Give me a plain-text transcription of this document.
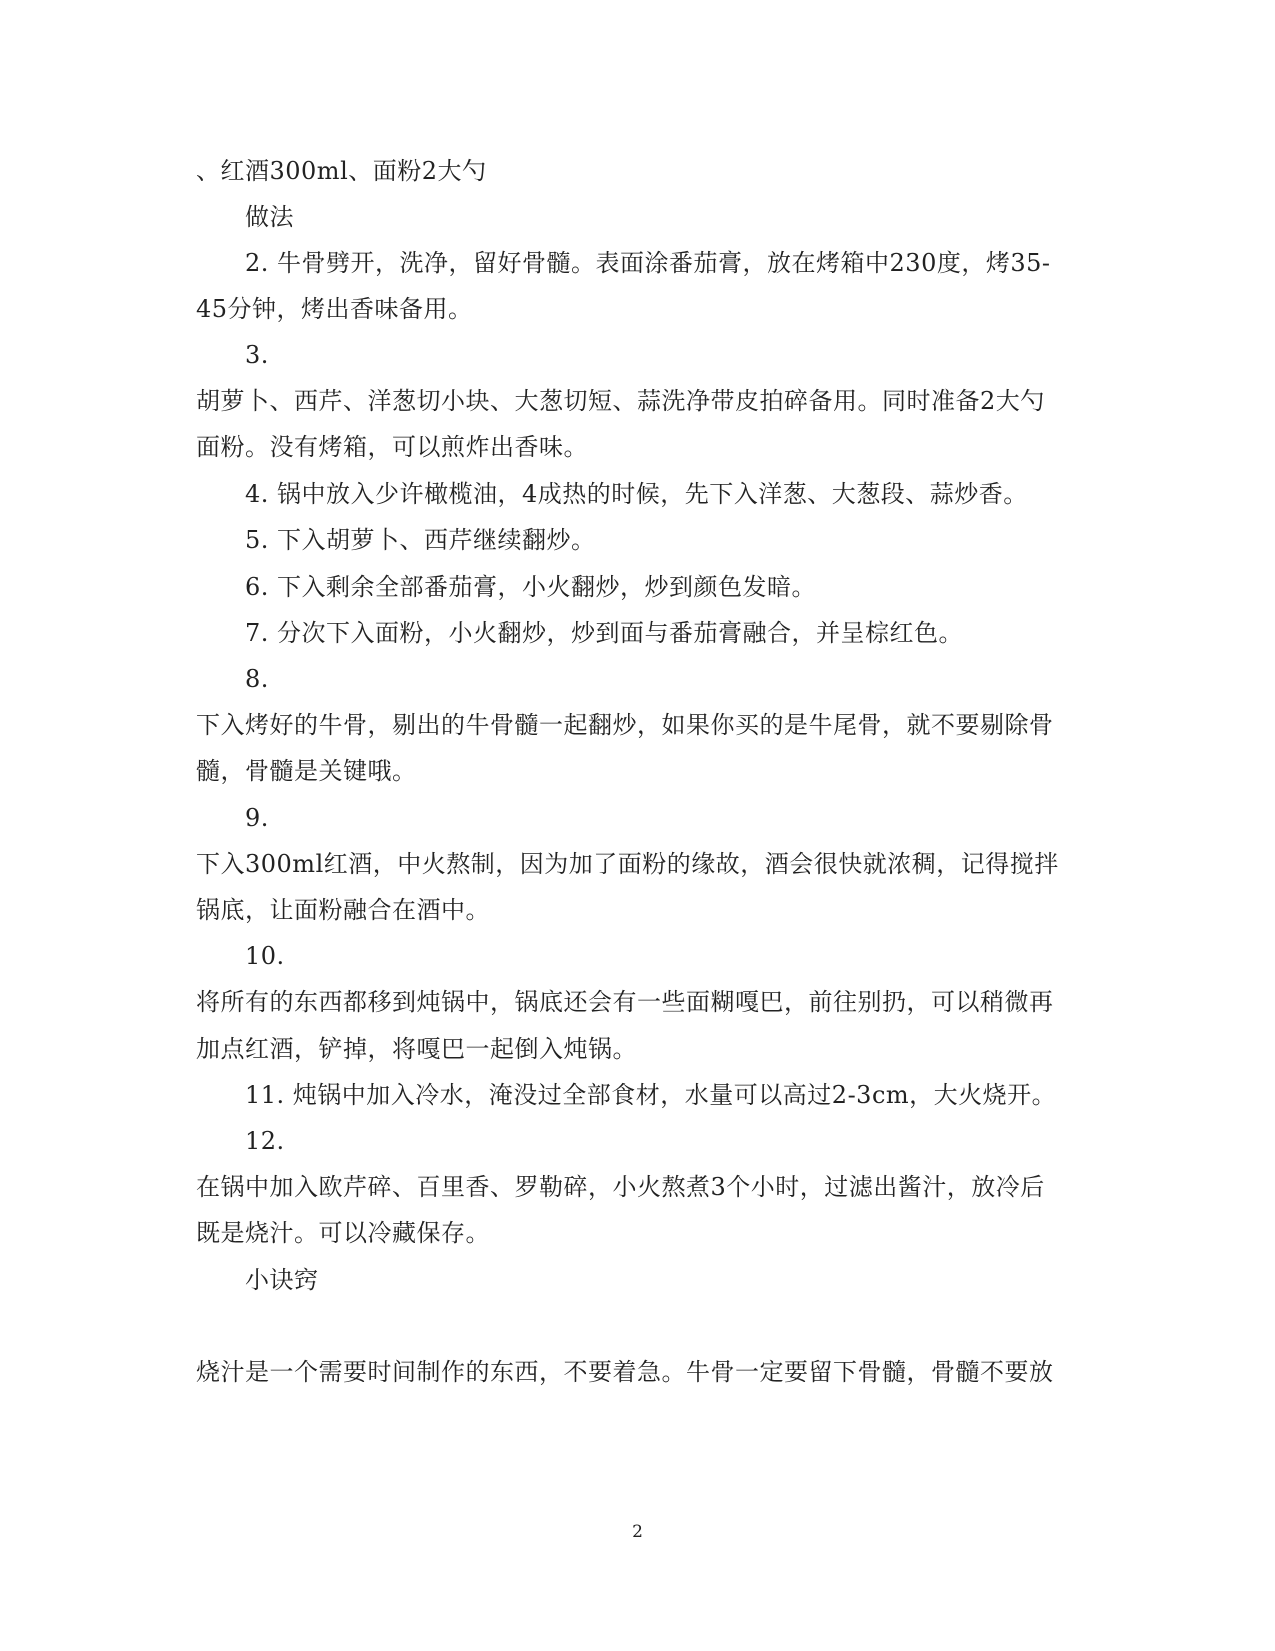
、红酒300ml、面粉2大勺
做法
2. 牛骨劈开，洗净，留好骨髓。表面涂番茄膏，放在烤箱中230度，烤35-
45分钟，烤出香味备用。
3.
胡萝卜、西芹、洋葱切小块、大葱切短、蒜洗净带皮拍碎备用。同时准备2大勺
面粉。没有烤箱，可以煎炸出香味。
4. 锅中放入少许橄榄油，4成热的时候，先下入洋葱、大葱段、蒜炒香。
5. 下入胡萝卜、西芹继续翻炒。
6. 下入剩余全部番茄膏，小火翻炒，炒到颜色发暗。
7. 分次下入面粉，小火翻炒，炒到面与番茄膏融合，并呈棕红色。
8.
下入烤好的牛骨，剔出的牛骨髓一起翻炒，如果你买的是牛尾骨，就不要剔除骨
髓，骨髓是关键哦。
9.
下入300ml红酒，中火熬制，因为加了面粉的缘故，酒会很快就浓稠，记得搅拌
锅底，让面粉融合在酒中。
10.
将所有的东西都移到炖锅中，锅底还会有一些面糊嘎巴，前往别扔，可以稍微再
加点红酒，铲掉，将嘎巴一起倒入炖锅。
11. 炖锅中加入冷水，淹没过全部食材，水量可以高过2-3cm，大火烧开。
12.
在锅中加入欧芹碎、百里香、罗勒碎，小火熬煮3个小时，过滤出酱汁，放冷后
既是烧汁。可以冷藏保存。
小诀窍
烧汁是一个需要时间制作的东西，不要着急。牛骨一定要留下骨髓，骨髓不要放
2
